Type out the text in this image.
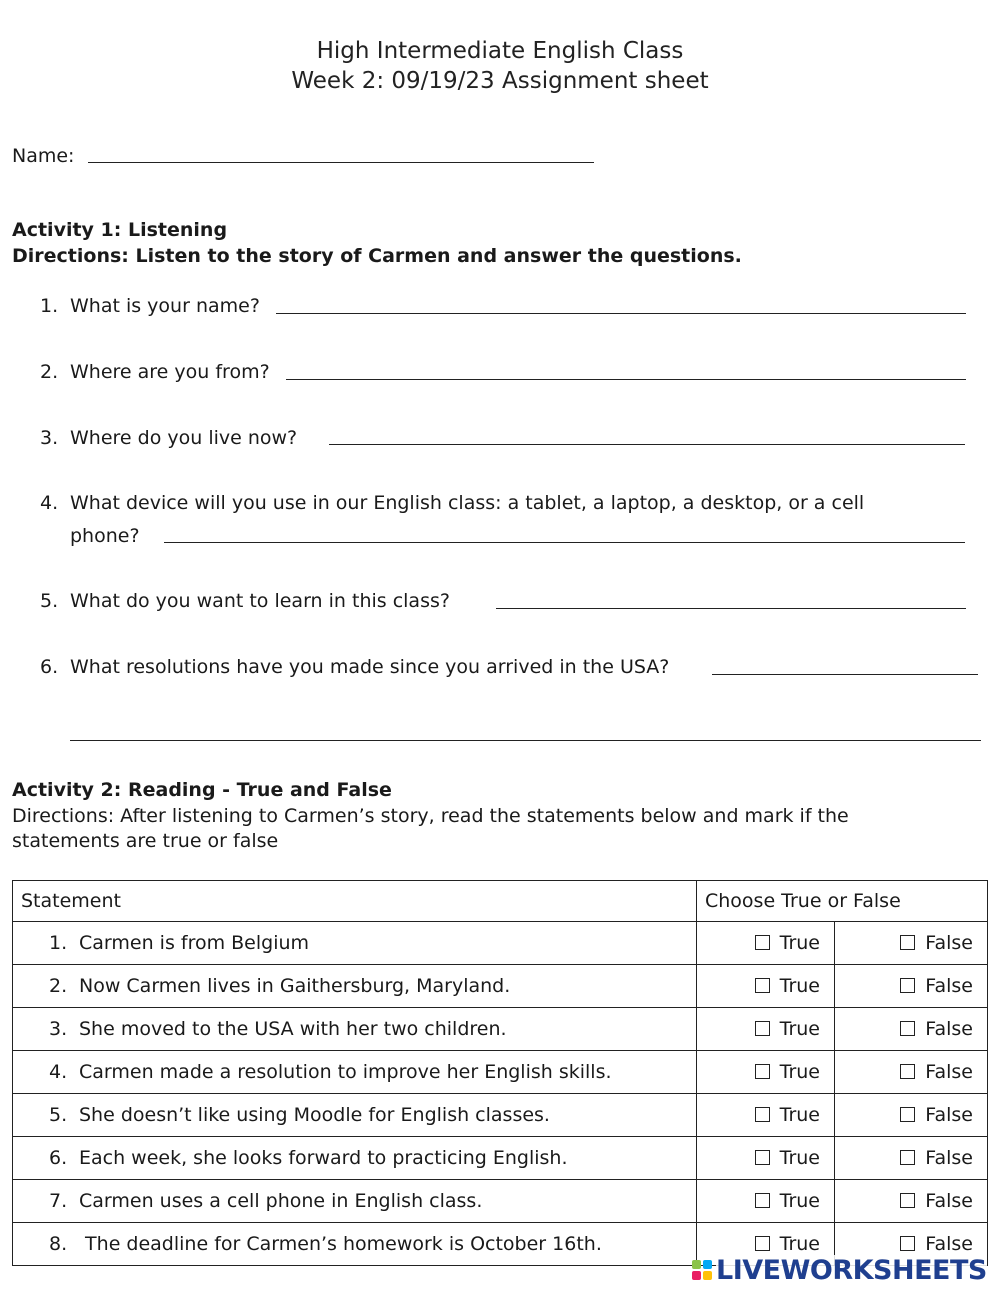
High Intermediate English Class
Week 2: 09/19/23 Assignment sheet
Name:
Activity 1: Listening
Directions: Listen to the story of Carmen and answer the questions.
1. What is your name?
2. Where are you from?
3. Where do you live now?
4. What device will you use in our English class: a tablet, a laptop, a desktop, or a cell
phone?
5. What do you want to learn in this class?
6. What resolutions have you made since you arrived in the USA?
Activity 2: Reading - True and False
Directions: After listening to Carmen’s story, read the statements below and mark if the statements are true or false
Statement	Choose True or False	
1. Carmen is from Belgium	True	False
2. Now Carmen lives in Gaithersburg, Maryland.	True	False
3. She moved to the USA with her two children.	True	False
4. Carmen made a resolution to improve her English skills.	True	False
5. She doesn’t like using Moodle for English classes.	True	False
6. Each week, she looks forward to practicing English.	True	False
7. Carmen uses a cell phone in English class.	True	False
8. The deadline for Carmen’s homework is October 16th.	True	False
LIVEWORKSHEETS
